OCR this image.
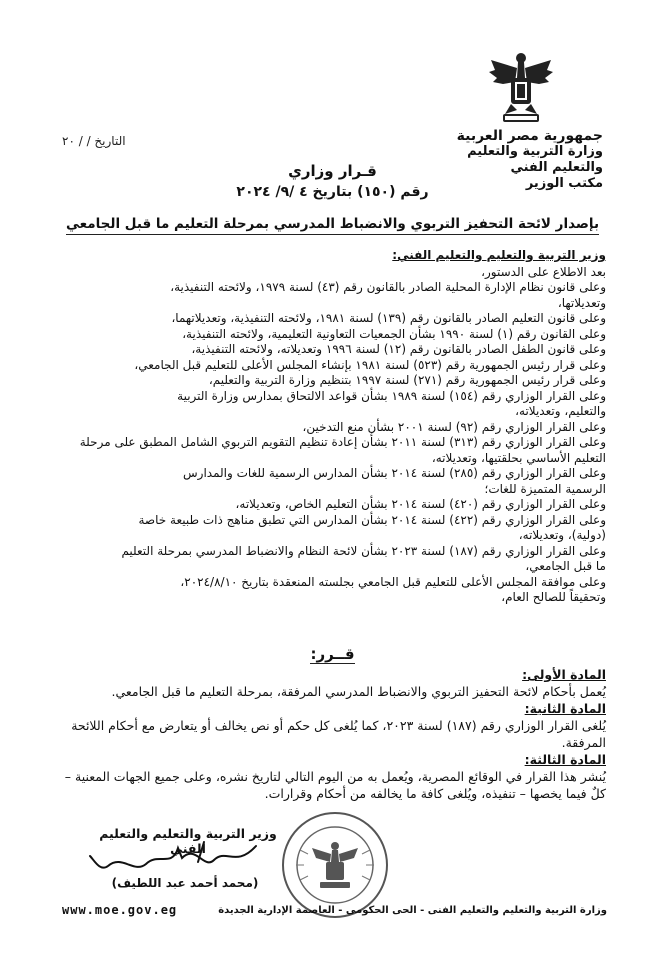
جمهورية مصر العربية
وزارة التربية والتعليم والتعليم الفني
مكتب الوزير
التاريخ / / ٢٠
قـرار وزاري
رقم (١٥٠) بتاريخ ٤ /٩/ ٢٠٢٤
بإصدار لائحة التحفيز التربوي والانضباط المدرسي بمرحلة التعليم ما قبل الجامعي

وزير التربية والتعليم والتعليم الفني:

بعد الاطلاع على الدستور،

وعلى قانون نظام الإدارة المحلية الصادر بالقانون رقم (٤٣) لسنة ١٩٧٩، ولائحته التنفيذية،

وتعديلاتها،

وعلى قانون التعليم الصادر بالقانون رقم (١٣٩) لسنة ١٩٨١، ولائحته التنفيذية، وتعديلاتهما،

وعلى القانون رقم (١) لسنة ١٩٩٠ بشأن الجمعيات التعاونية التعليمية، ولائحته التنفيذية،

وعلى قانون الطفل الصادر بالقانون رقم (١٢) لسنة ١٩٩٦ وتعديلاته، ولائحته التنفيذية،

وعلى قرار رئيس الجمهورية رقم (٥٢٣) لسنة ١٩٨١ بإنشاء المجلس الأعلى للتعليم قبل الجامعي،

وعلى قرار رئيس الجمهورية رقم (٢٧١) لسنة ١٩٩٧ بتنظيم وزارة التربية والتعليم،

وعلى القرار الوزاري رقم (١٥٤) لسنة ١٩٨٩ بشأن قواعد الالتحاق بمدارس وزارة التربية

والتعليم، وتعديلاته،

وعلى القرار الوزاري رقم (٩٢) لسنة ٢٠٠١ بشأن منع التدخين،

وعلى القرار الوزاري رقم (٣١٣) لسنة ٢٠١١ بشأن إعادة تنظيم التقويم التربوي الشامل المطبق على مرحلة

التعليم الأساسي بحلقتيها، وتعديلاته،

وعلى القرار الوزاري رقم (٢٨٥) لسنة ٢٠١٤ بشأن المدارس الرسمية للغات والمدارس

الرسمية المتميزة للغات؛

وعلى القرار الوزاري رقم (٤٢٠) لسنة ٢٠١٤ بشأن التعليم الخاص، وتعديلاته،

وعلى القرار الوزاري رقم (٤٢٢) لسنة ٢٠١٤ بشأن المدارس التي تطبق مناهج ذات طبيعة خاصة

(دولية)، وتعديلاته،

وعلى القرار الوزاري رقم (١٨٧) لسنة ٢٠٢٣ بشأن لائحة النظام والانضباط المدرسي بمرحلة التعليم

ما قبل الجامعي،

وعلى موافقة المجلس الأعلى للتعليم قبل الجامعي بجلسته المنعقدة بتاريخ ٢٠٢٤/٨/١٠،

وتحقيقاً للصالح العام،

قــرر:

المادة الأولى:

يُعمل بأحكام لائحة التحفيز التربوي والانضباط المدرسي المرفقة، بمرحلة التعليم ما قبل الجامعي.

المادة الثانية:

يُلغى القرار الوزاري رقم (١٨٧) لسنة ٢٠٢٣، كما يُلغى كل حكم أو نص يخالف أو يتعارض مع أحكام اللائحة المرفقة.

المادة الثالثة:

يُنشر هذا القرار في الوقائع المصرية، ويُعمل به من اليوم التالي لتاريخ نشره، وعلى جميع الجهات المعنية – كلٌ فيما يخصها – تنفيذه، ويُلغى كافة ما يخالفه من أحكام وقرارات.

وزير التربية والتعليم والتعليم الفني
(محمد أحمد عبد اللطيف)
www.moe.gov.eg	وزارة التربية والتعليم والتعليم الفنى - الحى الحكومى - العاصمة الإدارية الجديدة
